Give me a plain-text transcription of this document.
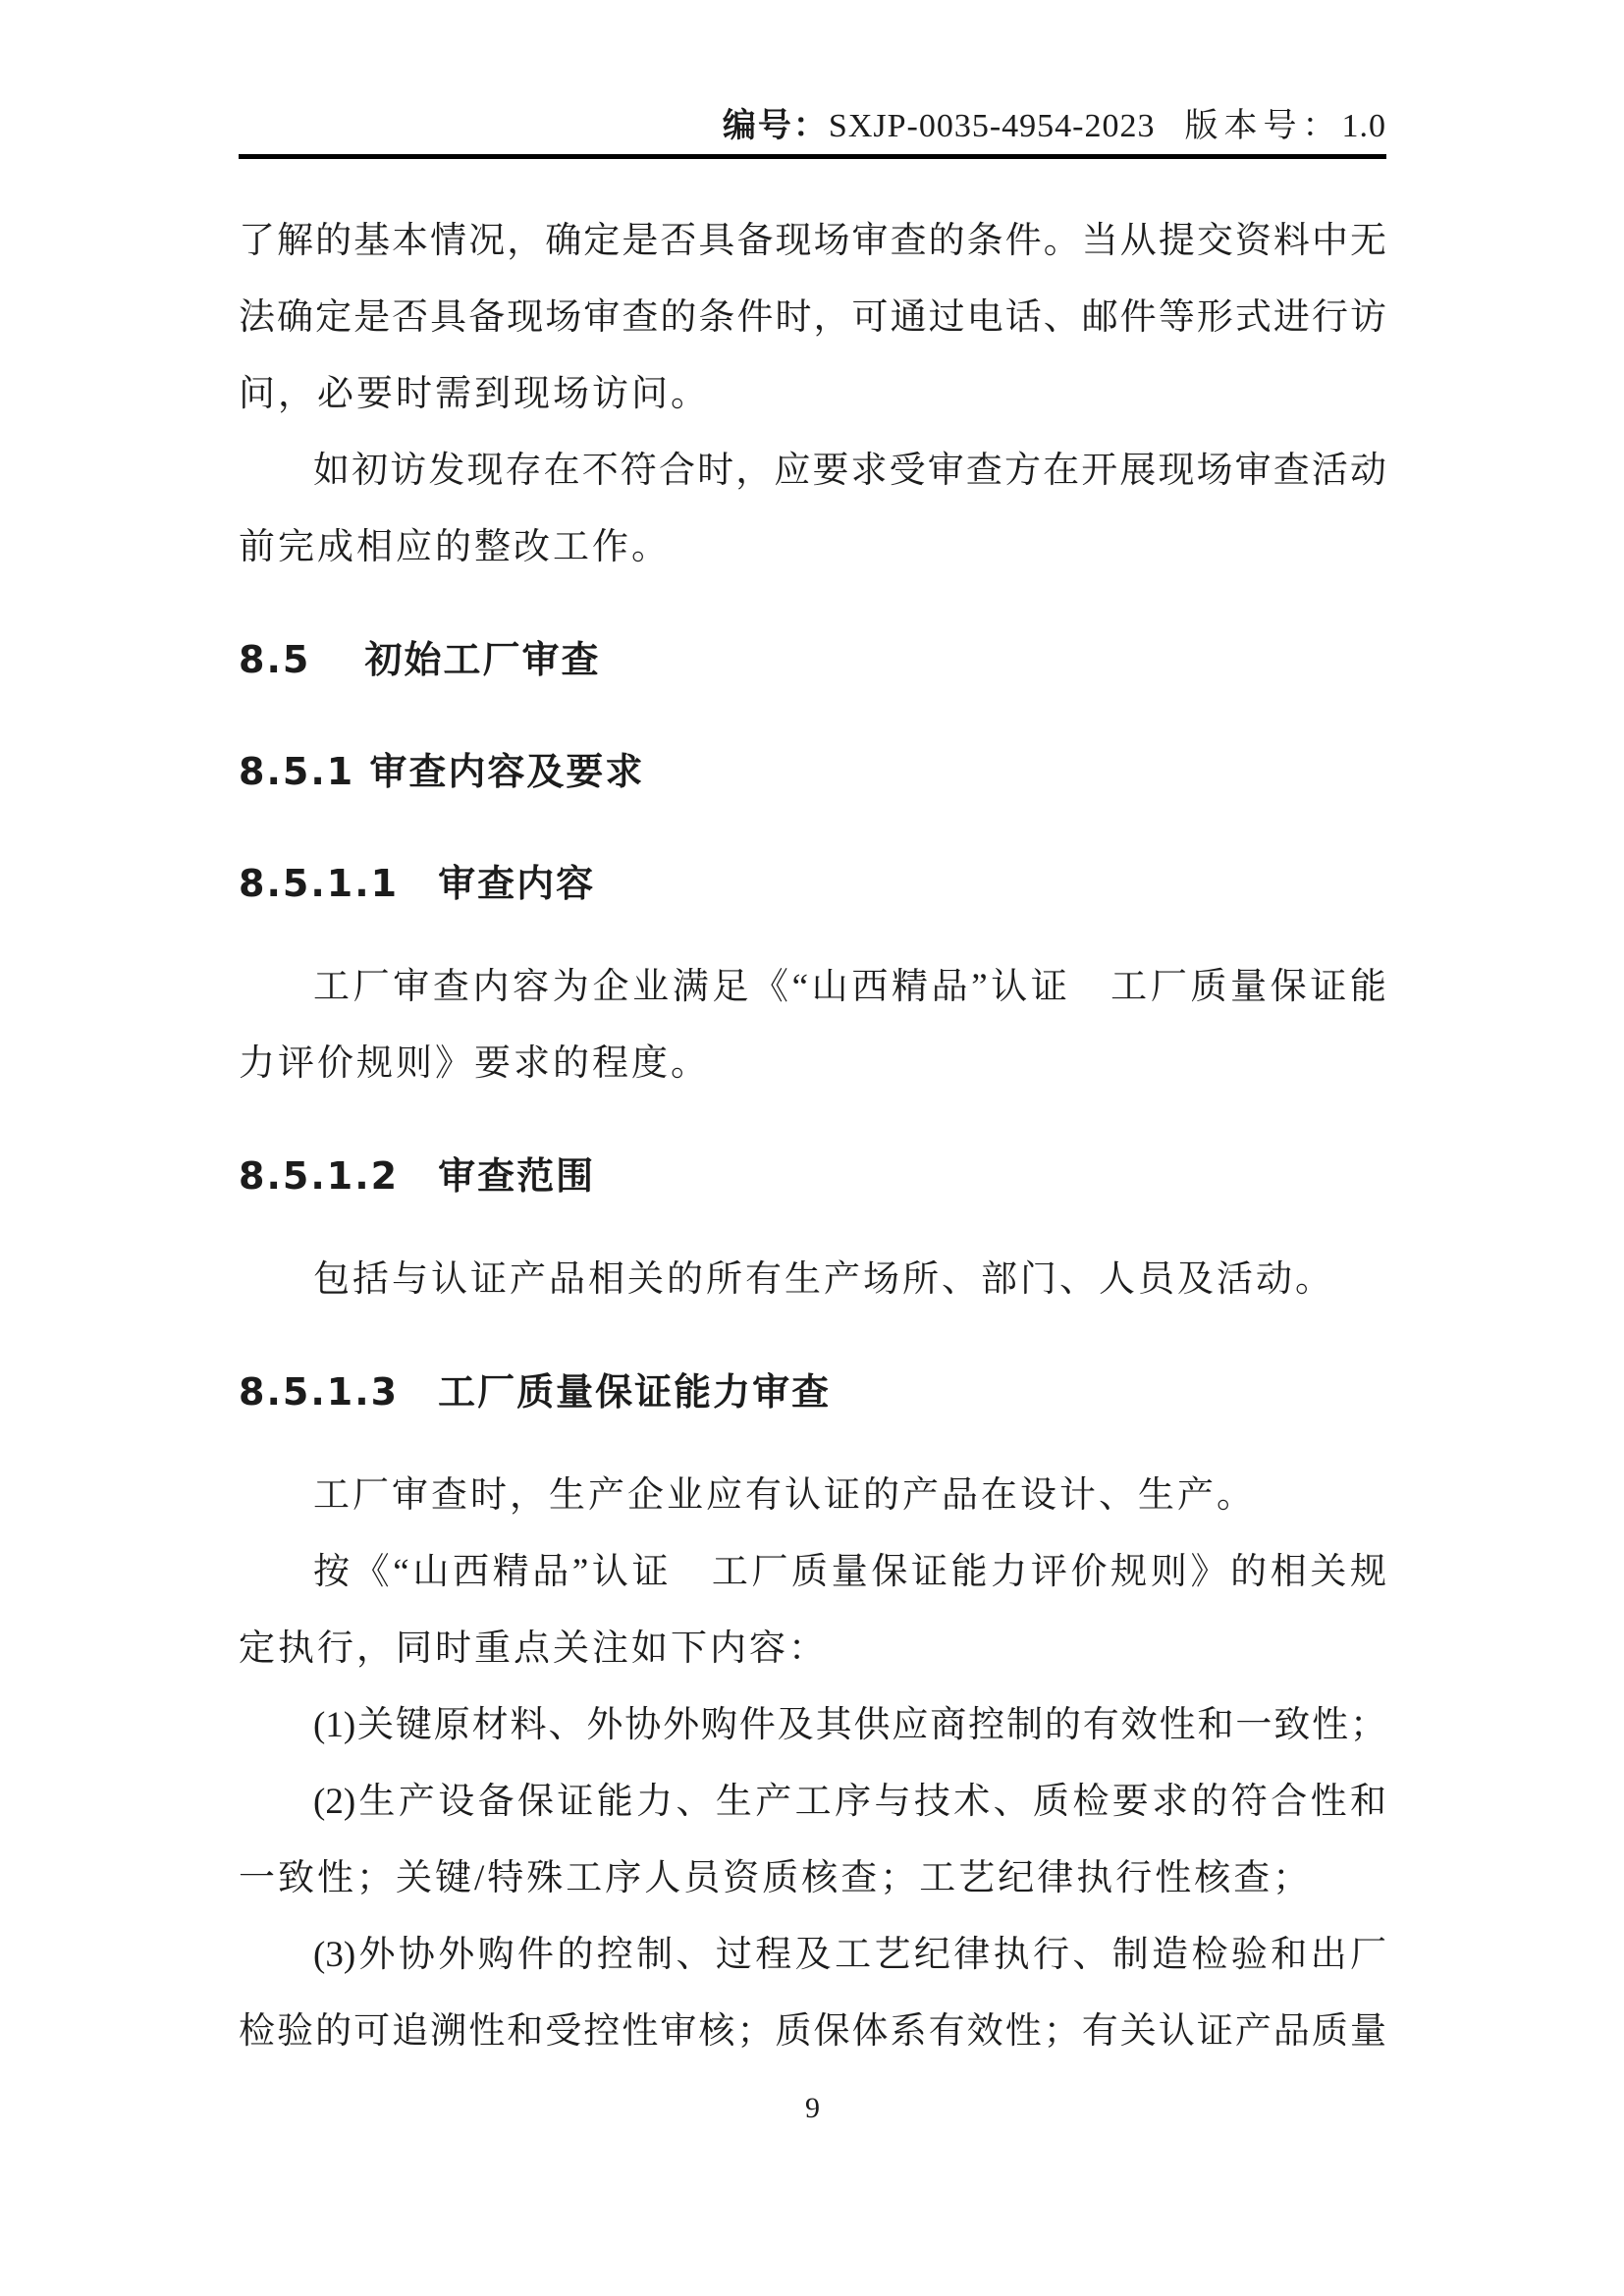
编号：SXJP-0035-4954-2023 版本号：1.0
了解的基本情况，确定是否具备现场审查的条件。当从提交资料中无
法确定是否具备现场审查的条件时，可通过电话、邮件等形式进行访
问，必要时需到现场访问。
如初访发现存在不符合时，应要求受审查方在开展现场审查活动
前完成相应的整改工作。
8.5　 初始工厂审查
8.5.1 审查内容及要求
8.5.1.1　审查内容
工厂审查内容为企业满足《“山西精品”认证　工厂质量保证能
力评价规则》要求的程度。
8.5.1.2　审查范围
包括与认证产品相关的所有生产场所、部门、人员及活动。
8.5.1.3　工厂质量保证能力审查
工厂审查时，生产企业应有认证的产品在设计、生产。
按《“山西精品”认证　工厂质量保证能力评价规则》的相关规
定执行，同时重点关注如下内容：
(1)关键原材料、外协外购件及其供应商控制的有效性和一致性；
(2)生产设备保证能力、生产工序与技术、质检要求的符合性和
一致性；关键/特殊工序人员资质核查；工艺纪律执行性核查；
(3)外协外购件的控制、过程及工艺纪律执行、制造检验和出厂
检验的可追溯性和受控性审核；质保体系有效性；有关认证产品质量
9
